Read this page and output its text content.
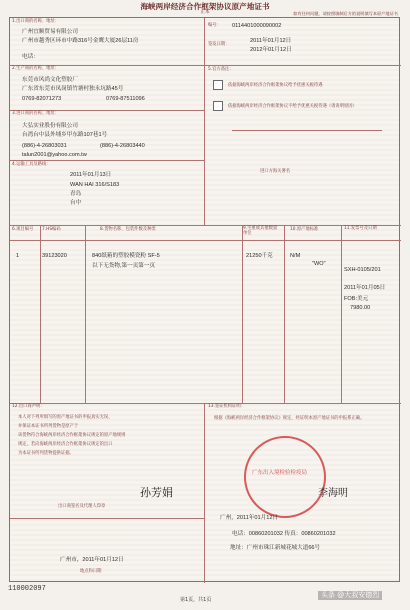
海峡两岸经济合作框架协议原产地证书
正本	如有任何问题，请按照填制后方的说明填写本原产地证书
1.出口商的名称、地址：
广州宜顺贸易有限公司
广州市越秀区环市中路316号金鹰大厦26层11房
电话：
2.生产商的名称、地址：
东莞市风尚文化塑胶厂
广东省东莞市凤岗镇竹塘村独永坑路45号
0769-82071273	0769-87511096
3.进口商的名称、地址：
大弘实业股份有限公司
台湾台中县外埔乡甲东路107巷1号
(886)-4-26803031	(886)-4-26803440
talun2001@yahoo.com.tw
4.运输工具及路线：
2011年01月13日
WAN HAI 316/S183
青岛
台中
编号： 0114401000090002
签发日期：
2011年01月12日
2012年01月12日
5.官方备注：
依据海峡两岸经济合作框架协议给予优惠关税待遇
依据海峡两岸经济合作框架协议不给予优惠关税待遇（请说明原因）
进口方海关署名
6.项目编号 7.HS编码	8.货物名称、包装件数及种类	9.毛重或其他数量单位
10.原产地标准	11.发票号及日期
1	39123020	840纸箱的塑胶模瓷粉 SF-5
以下无货物,第一页第一页
21250千克	N/M
"WO"
SXH-0105/201
2011年01月05日
FOB:美元
7980.00
12.出口商声明：
本人对下列所填写的原产地证书的申报真实无误，
并保证本证书所列货物是原产于
该货物符合海峡两岸经济合作框架协议规定的原产地规则
规定，若向海峡两岸经济合作框架协议规定的出口
为本证书所列货物提供证据。
孙芳娟
出口商签名及代理人印章
广州市，2011年01月12日
地点和日期
13.签证机构证明：
根据《海峡两岸经济合作框架协议》规定，经证明本原产地证书的申报系正确。
广东出入境检验检疫局
李海明
广州，2011年01月12日
电话：00860201032 传真：00860201032
地址：广州市珠江新城花城大道66号
110002097
第1页，共1页
头条 @大叔安德烈
